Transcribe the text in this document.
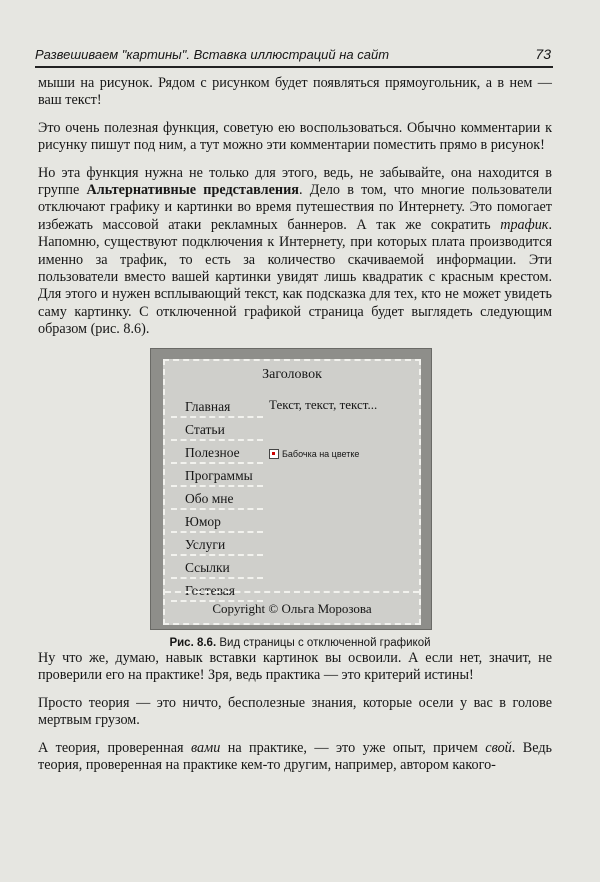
Развешиваем "картины". Вставка иллюстраций на сайт	73

мыши на рисунок. Рядом с рисунком будет появляться прямоугольник, а в нем — ваш текст!

Это очень полезная функция, советую ею воспользоваться. Обычно комментарии к рисунку пишут под ним, а тут можно эти комментарии поместить прямо в рисунок!

Но эта функция нужна не только для этого, ведь, не забывайте, она находится в группе Альтернативные представления. Дело в том, что многие пользователи отключают графику и картинки во время путешествия по Интернету. Это помогает избежать массовой атаки рекламных баннеров. А так же сократить трафик. Напомню, существуют подключения к Интернету, при которых плата производится именно за трафик, то есть за количество скачиваемой информации. Эти пользователи вместо вашей картинки увидят лишь квадратик с красным крестом. Для этого и нужен всплывающий текст, как подсказка для тех, кто не может увидеть саму картинку. С отключенной графикой страница будет выглядеть следующим образом (рис. 8.6).

Заголовок
Главная
Статьи
Полезное
Программы
Обо мне
Юмор
Услуги
Ссылки
Гостевая
Текст, текст, текст...
Бабочка на цветке
Copyright © Ольга Морозова
Рис. 8.6. Вид страницы с отключенной графикой

Ну что же, думаю, навык вставки картинок вы освоили. А если нет, значит, не проверили его на практике! Зря, ведь практика — это критерий истины!

Просто теория — это ничто, бесполезные знания, которые осели у вас в голове мертвым грузом.

А теория, проверенная вами на практике, — это уже опыт, причем свой. Ведь теория, проверенная на практике кем-то другим, например, автором какого-
